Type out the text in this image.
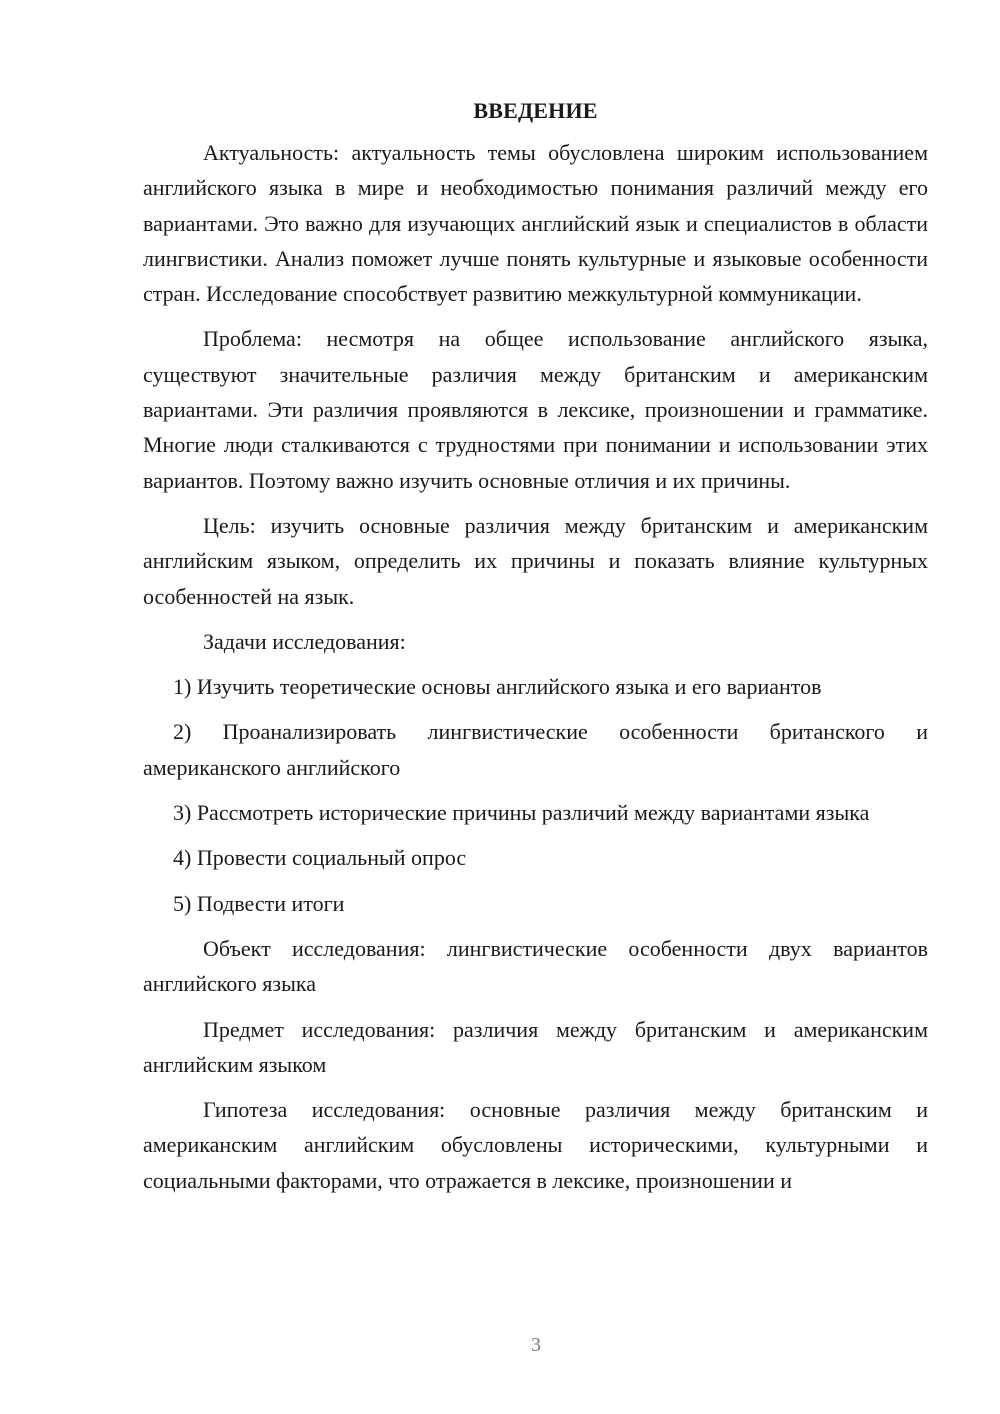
ВВЕДЕНИЕ

Актуальность: актуальность темы обусловлена широким использованием английского языка в мире и необходимостью понимания различий между его вариантами. Это важно для изучающих английский язык и специалистов в области лингвистики. Анализ поможет лучше понять культурные и языковые особенности стран. Исследование способствует развитию межкультурной коммуникации.

Проблема: несмотря на общее использование английского языка, существуют значительные различия между британским и американским вариантами. Эти различия проявляются в лексике, произношении и грамматике. Многие люди сталкиваются с трудностями при понимании и использовании этих вариантов. Поэтому важно изучить основные отличия и их причины.

Цель: изучить основные различия между британским и американским английским языком, определить их причины и показать влияние культурных особенностей на язык.

Задачи исследования:

1) Изучить теоретические основы английского языка и его вариантов

2) Проанализировать лингвистические особенности британского и американского английского

3) Рассмотреть исторические причины различий между вариантами языка

4) Провести социальный опрос

5) Подвести итоги

Объект исследования: лингвистические особенности двух вариантов английского языка

Предмет исследования: различия между британским и американским английским языком

Гипотеза исследования: основные различия между британским и американским английским обусловлены историческими, культурными и социальными факторами, что отражается в лексике, произношении и

3
